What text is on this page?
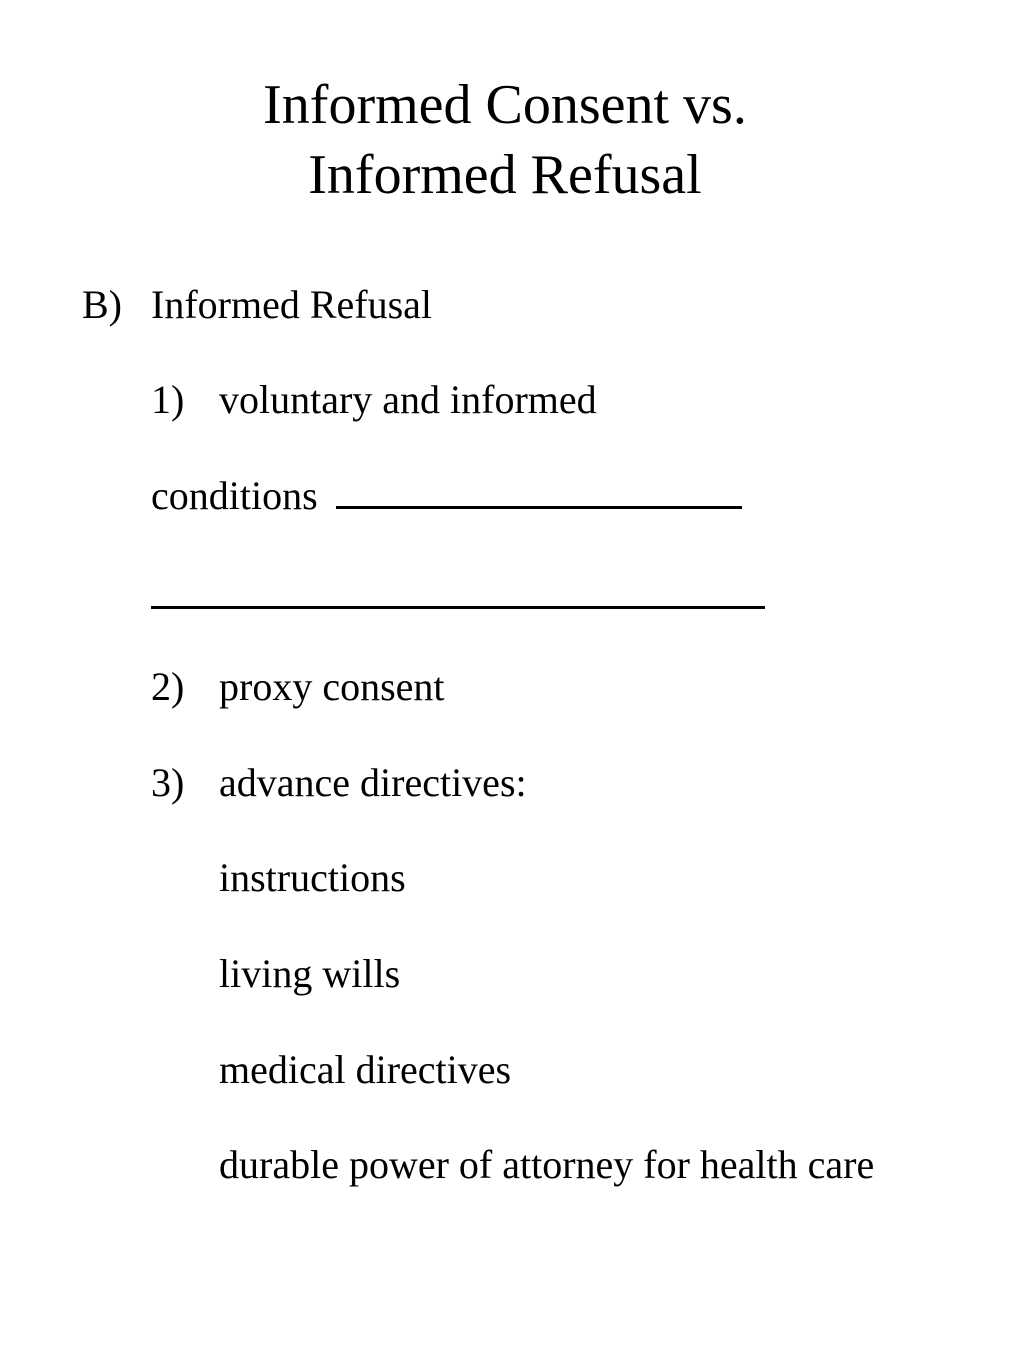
Informed Consent vs.
Informed Refusal
B) Informed Refusal
1) voluntary and informed
conditions
2) proxy consent
3) advance directives:
instructions
living wills
medical directives
durable power of attorney for health care
